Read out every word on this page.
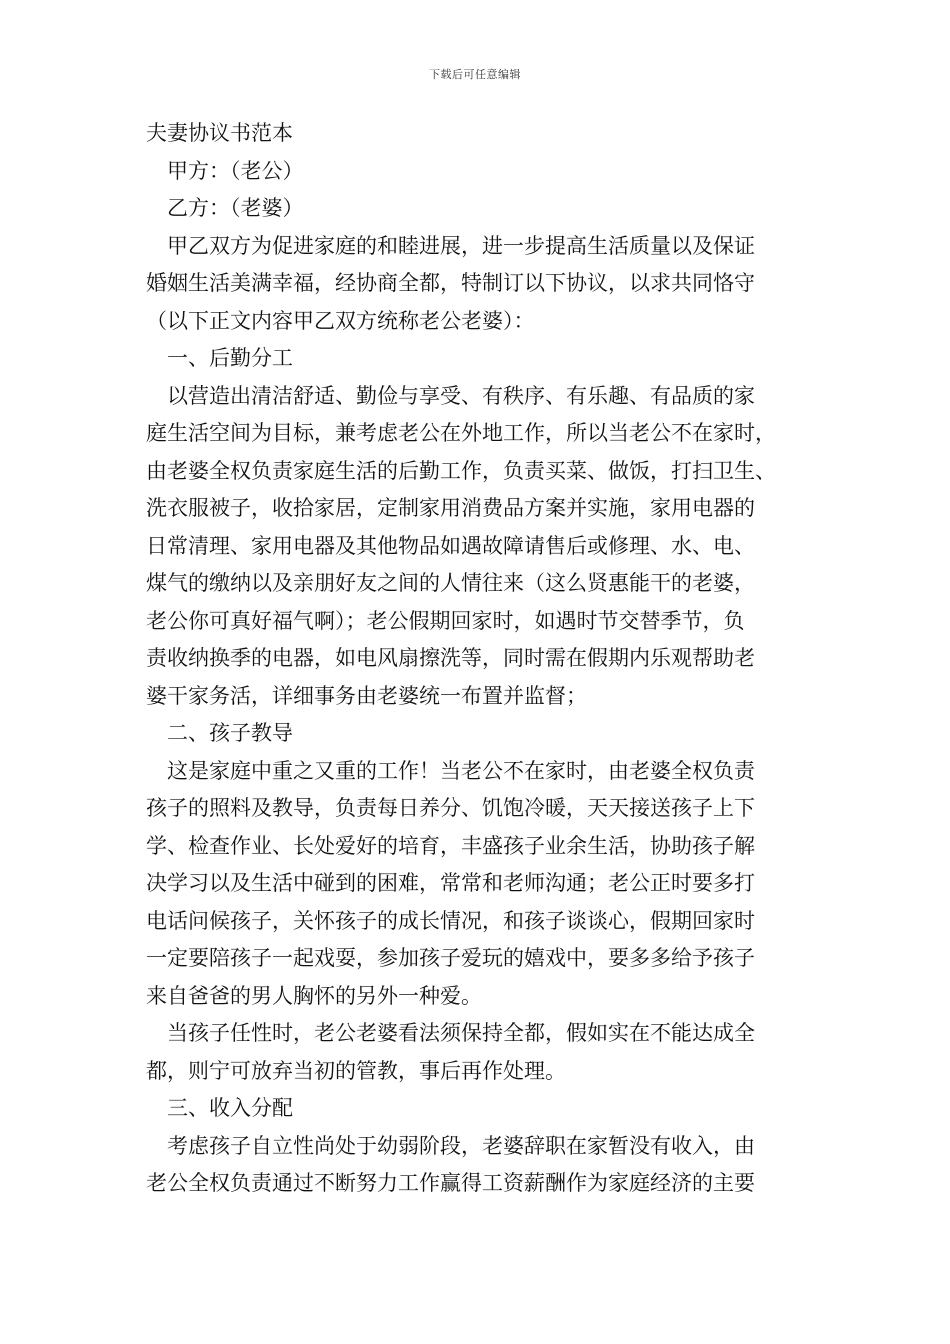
下载后可任意编辑
夫妻协议书范本
甲方：（老公）
乙方：（老婆）
甲乙双方为促进家庭的和睦进展，进一步提高生活质量以及保证
婚姻生活美满幸福，经协商全都，特制订以下协议，以求共同恪守
（以下正文内容甲乙双方统称老公老婆）：
一、后勤分工
以营造出清洁舒适、勤俭与享受、有秩序、有乐趣、有品质的家
庭生活空间为目标，兼考虑老公在外地工作，所以当老公不在家时，
由老婆全权负责家庭生活的后勤工作，负责买菜、做饭，打扫卫生、
洗衣服被子，收拾家居，定制家用消费品方案并实施，家用电器的
日常清理、家用电器及其他物品如遇故障请售后或修理、水、电、
煤气的缴纳以及亲朋好友之间的人情往来（这么贤惠能干的老婆，
老公你可真好福气啊）；老公假期回家时，如遇时节交替季节，负
责收纳换季的电器，如电风扇擦洗等，同时需在假期内乐观帮助老
婆干家务活，详细事务由老婆统一布置并监督；
二、孩子教导
这是家庭中重之又重的工作！当老公不在家时，由老婆全权负责
孩子的照料及教导，负责每日养分、饥饱冷暖，天天接送孩子上下
学、检查作业、长处爱好的培育，丰盛孩子业余生活，协助孩子解
决学习以及生活中碰到的困难，常常和老师沟通；老公正时要多打
电话问候孩子，关怀孩子的成长情况，和孩子谈谈心，假期回家时
一定要陪孩子一起戏耍，参加孩子爱玩的嬉戏中，要多多给予孩子
来自爸爸的男人胸怀的另外一种爱。
当孩子任性时，老公老婆看法须保持全都，假如实在不能达成全
都，则宁可放弃当初的管教，事后再作处理。
三、收入分配
考虑孩子自立性尚处于幼弱阶段，老婆辞职在家暂没有收入，由
老公全权负责通过不断努力工作赢得工资薪酬作为家庭经济的主要
